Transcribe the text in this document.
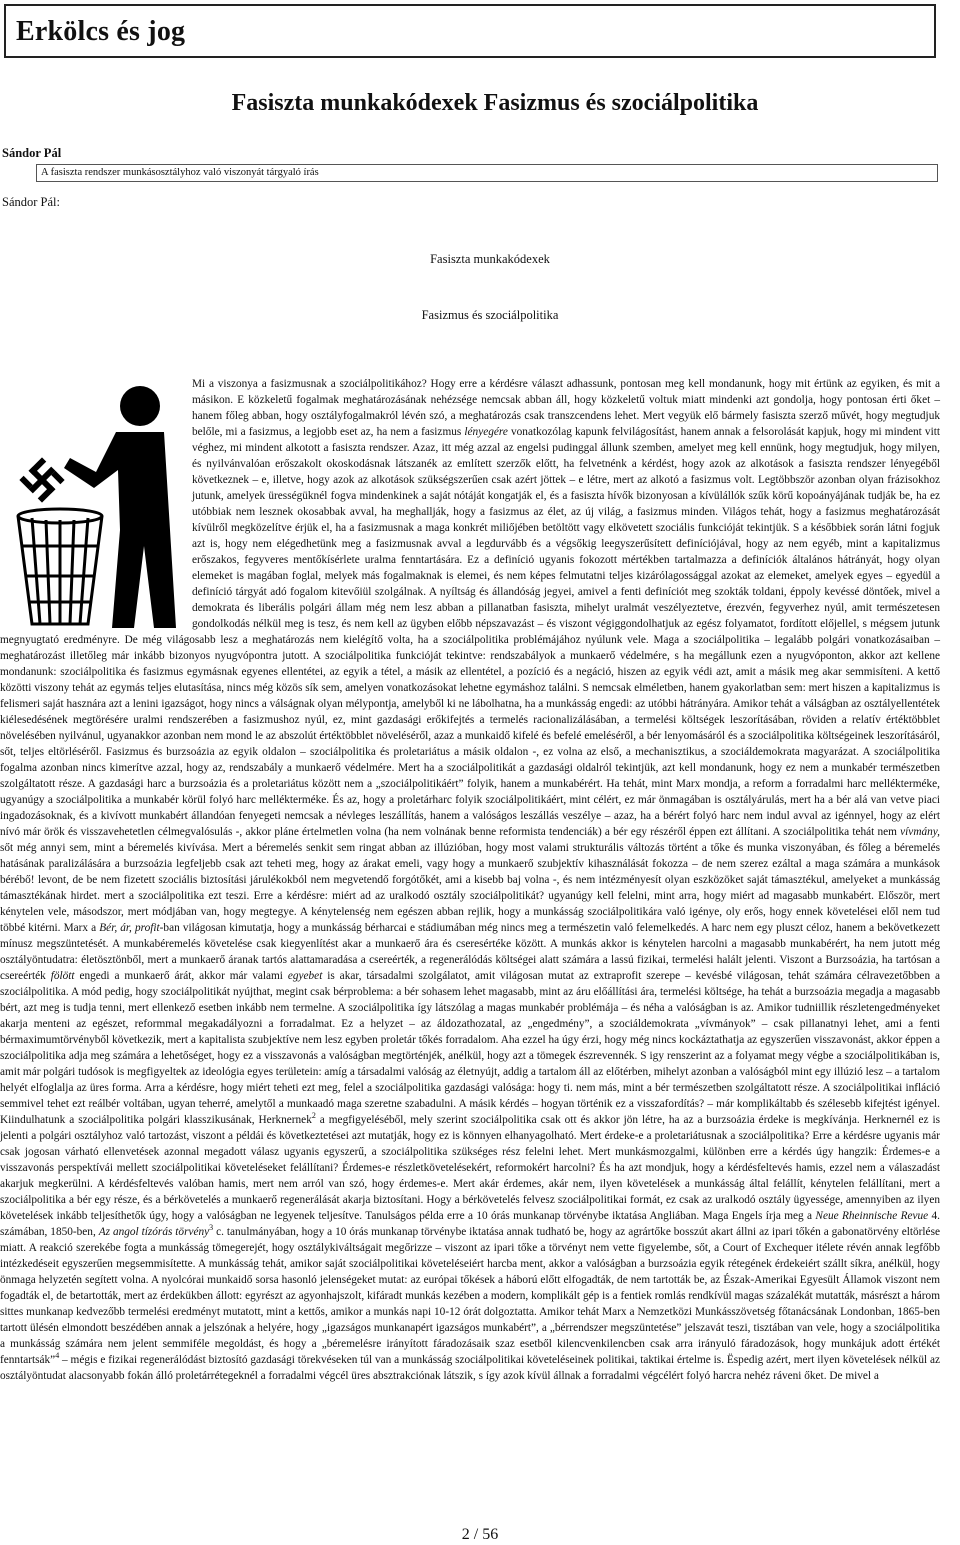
Erkölcs és jog
Fasiszta munkakódexek Fasizmus és szociálpolitika
Sándor Pál
A fasiszta rendszer munkásosztályhoz való viszonyát tárgyaló írás
Sándor Pál:
Fasiszta munkakódexek
Fasizmus és szociálpolitika

Mi a viszonya a fasizmusnak a szociálpolitikához? Hogy erre a kérdésre választ adhassunk, pontosan meg kell mondanunk, hogy mit értünk az egyiken, és mit a másikon. E közkeletű fogalmak meghatározásának nehézsége nemcsak abban áll, hogy közkeletű voltuk miatt mindenki azt gondolja, hogy pontosan érti őket – hanem főleg abban, hogy osztályfogalmakról lévén szó, a meghatározás csak transzcendens lehet. Mert vegyük elő bármely fasiszta szerző művét, hogy megtudjuk belőle, mi a fasizmus, a legjobb eset az, ha nem a fasizmus lényegére vonatkozólag kapunk felvilágosítást, hanem annak a felsorolását kapjuk, hogy mi mindent vitt véghez, mi mindent alkotott a fasiszta rendszer. Azaz, itt még azzal az engelsi pudinggal állunk szemben, amelyet meg kell ennünk, hogy megtudjuk, hogy milyen, és nyilvánvalóan erőszakolt okoskodásnak látszanék az említett szerzők előtt, ha felvetnénk a kérdést, hogy azok az alkotások a fasiszta rendszer lényegéből következnek – e, illetve, hogy azok az alkotások szükségszerűen csak azért jöttek – e létre, mert az alkotó a fasizmus volt. Legtöbbször azonban olyan frázisokhoz jutunk, amelyek ürességüknél fogva mindenkinek a saját nótáját kongatják el, és a fasiszta hívők bizonyosan a kívülállók szűk körű kopoányájának tudják be, ha ez utóbbiak nem lesznek okosabbak avval, ha meghallják, hogy a fasizmus az élet, az új világ, a fasizmus minden. Világos tehát, hogy a fasizmus meghatározását kívülről megközelítve érjük el, ha a fasizmusnak a maga konkrét miliőjében betöltött vagy elkövetett szociális funkcióját tekintjük. S a későbbiek során látni fogjuk azt is, hogy nem elégedhetünk meg a fasizmusnak avval a legdurvább és a végsőkig leegyszerűsített definíciójával, hogy az nem egyéb, mint a kapitalizmus erőszakos, fegyveres mentőkísérlete uralma fenntartására. Ez a definíció ugyanis fokozott mértékben tartalmazza a definíciók általános hátrányát, hogy olyan elemeket is magában foglal, melyek más fogalmaknak is elemei, és nem képes felmutatni teljes kizárólagossággal azokat az elemeket, amelyek egyes – egyedül a definíció tárgyát adó fogalom kitevőiül szolgálnak. A nyíltság és állandóság jegyei, amivel a fenti definíciót meg szokták toldani, éppoly kevéssé döntőek, mivel a demokrata és liberális polgári állam még nem lesz abban a pillanatban fasiszta, mihelyt uralmát veszélyeztetve, érezvén, fegyverhez nyúl, amit természetesen gondolkodás nélkül meg is tesz, és nem kell az ügyben előbb népszavazást – és viszont végiggondolhatjuk az egész folyamatot, fordított előjellel, s mégsem jutunk megnyugtató eredményre. De még világosabb lesz a meghatározás nem kielégítő volta, ha a szociálpolitika problémájához nyúlunk vele. Maga a szociálpolitika – legalább polgári vonatkozásaiban – meghatározást illetőleg már inkább bizonyos nyugvópontra jutott. A szociálpolitika funkcióját tekintve: rendszabályok a munkaerő védelmére, s ha megállunk ezen a nyugvóponton, akkor azt kellene mondanunk: szociálpolitika és fasizmus egymásnak egyenes ellentétei, az egyik a tétel, a másik az ellentétel, a pozíció és a negáció, hiszen az egyik védi azt, amit a másik meg akar semmisíteni. A kettő közötti viszony tehát az egymás teljes elutasítása, nincs még közös sík sem, amelyen vonatkozásokat lehetne egymáshoz találni. S nemcsak elméletben, hanem gyakorlatban sem: mert hiszen a kapitalizmus is felismeri saját hasznára azt a lenini igazságot, hogy nincs a válságnak olyan mélypontja, amelyből ki ne lábolhatna, ha a munkásság engedi: az utóbbi hátrányára. Amikor tehát a válságban az osztályellentétek kiélesedésének megtörésére uralmi rendszerében a fasizmushoz nyúl, ez, mint gazdasági erőkifejtés a termelés racionalizálásában, a termelési költségek leszorításában, röviden a relatív értéktöbblet növelésében nyilvánul, ugyanakkor azonban nem mond le az abszolút értéktöbblet növeléséről, azaz a munkaidő kifelé és befelé emeléséről, a bér lenyomásáról és a szociálpolitika költségeinek leszorításáról, sőt, teljes eltörléséről. Fasizmus és burzsoázia az egyik oldalon – szociálpolitika és proletariátus a másik oldalon -, ez volna az első, a mechanisztikus, a szociáldemokrata magyarázat. A szociálpolitika fogalma azonban nincs kimerítve azzal, hogy az, rendszabály a munkaerő védelmére. Mert ha a szociálpolitikát a gazdasági oldalról tekintjük, azt kell mondanunk, hogy ez nem a munkabér természetben szolgáltatott része. A gazdasági harc a burzsoázia és a proletariátus között nem a „szociálpolitikáért” folyik, hanem a munkabérért. Ha tehát, mint Marx mondja, a reform a forradalmi harc mellékterméke, ugyanúgy a szociálpolitika a munkabér körül folyó harc mellékterméke. És az, hogy a proletárharc folyik szociálpolitikáért, mint célért, ez már önmagában is osztályárulás, mert ha a bér alá van vetve piaci ingadozásoknak, és a kivívott munkabért állandóan fenyegeti nemcsak a névleges leszállítás, hanem a valóságos leszállás veszélye – azaz, ha a bérért folyó harc nem indul avval az igénnyel, hogy az elért nívó már örök és visszavehetetlen célmegvalósulás -, akkor pláne értelmetlen volna (ha nem volnának benne reformista tendenciák) a bér egy részéről éppen ezt állítani. A szociálpolitika tehát nem vívmány, sőt még annyi sem, mint a béremelés kivívása. Mert a béremelés senkit sem ringat abban az illúzióban, hogy most valami strukturális változás történt a tőke és munka viszonyában, és főleg a béremelés hatásának paralizálására a burzsoázia legfeljebb csak azt teheti meg, hogy az árakat emeli, vagy hogy a munkaerő szubjektív kihasználását fokozza – de nem szerez ezáltal a maga számára a munkások bérébő! levont, de be nem fizetett szociális biztosítási járulékokból nem megvetendő forgótőkét, ami a kisebb baj volna -, és nem intézményesít olyan eszközöket saját támasztékul, amelyeket a munkásság támasztékának hirdet. mert a szociálpolitika ezt teszi. Erre a kérdésre: miért ad az uralkodó osztály szociálpolitikát? ugyanúgy kell felelni, mint arra, hogy miért ad magasabb munkabért. Először, mert kénytelen vele, másodszor, mert módjában van, hogy megtegye. A kénytelenség nem egészen abban rejlik, hogy a munkásság szociálpolitikára való igénye, oly erős, hogy ennek követelései elől nem tud többé kitérni. Marx a Bér, ár, profit-ban világosan kimutatja, hogy a munkásság bérharcai e stádiumában még nincs meg a természetin való felemelkedés. A harc nem egy pluszt céloz, hanem a bekövetkezett mínusz megszüntetését. A munkabéremelés követelése csak kiegyenlítést akar a munkaerő ára és cseresértéke között. A munkás akkor is kénytelen harcolni a magasabb munkabérért, ha nem jutott még osztályöntudatra: életösztönből, mert a munkaerő áranak tartós alattamaradása a csereérték, a regenerálódás költségei alatt számára a lassú fizikai, termelési halált jelenti. Viszont a Burzsoázia, ha tartósan a csereérték fölött engedi a munkaerő árát, akkor már valami egyebet is akar, társadalmi szolgálatot, amit világosan mutat az extraprofit szerepe – kevésbé világosan, tehát számára célravezetőbben a szociálpolitika. A mód pedig, hogy szociálpolitikát nyújthat, megint csak bérproblema: a bér sohasem lehet magasabb, mint az áru előállítási ára, termelési költsége, ha tehát a burzsoázia megadja a magasabb bért, azt meg is tudja tenni, mert ellenkező esetben inkább nem termelne. A szociálpolitika így látszólag a magas munkabér problémája – és néha a valóságban is az. Amikor tudniillik részletengedményeket akarja menteni az egészet, reformmal megakadályozni a forradalmat. Ez a helyzet – az áldozathozatal, az „engedmény”, a szociáldemokrata „vívmányok” – csak pillanatnyi lehet, ami a fenti bérmaximumtörvényből következik, mert a kapitalista szubjektíve nem lesz egyben proletár tőkés forradalom. Aha ezzel ha úgy érzi, hogy még nincs kockáztathatja az egyszerűen visszavonást, akkor éppen a szociálpolitika adja meg számára a lehetőséget, hogy ez a visszavonás a valóságban megtörténjék, anélkül, hogy azt a tömegek észrevennék. S igy renszerint az a folyamat megy végbe a szociálpolitikában is, amit már polgári tudósok is megfigyeltek az ideológia egyes területein: amíg a társadalmi valóság az életnyújt, addig a tartalom áll az előtérben, mihelyt azonban a valóságból mint egy illúzió lesz – a tartalom helyét elfoglalja az üres forma. Arra a kérdésre, hogy miért teheti ezt meg, felel a szociálpolitika gazdasági valósága: hogy ti. nem más, mint a bér természetben szolgáltatott része. A szociálpolitikai infláció semmivel tehet ezt reálbér voltában, ugyan teherré, amelytől a munkaadó maga szeretne szabadulni. A másik kérdés – hogyan történik ez a visszafordítás? – már komplikáltabb és szélesebb kifejtést igényel. Kiindulhatunk a szociálpolitika polgári klasszikusának, Herknernek$^2$ a megfigyeléséből, mely szerint szociálpolitika csak ott és akkor jön létre, ha az a burzsoázia érdeke is megkívánja. Herknernél ez is jelenti a polgári osztályhoz való tartozást, viszont a példái és következtetései azt mutatják, hogy ez is könnyen elhanyagolható. Mert érdeke-e a proletariátusnak a szociálpolitika? Erre a kérdésre ugyanis már csak jogosan várható ellenvetések azonnal megadott válasz ugyanis egyszerű, a szociálpolitika szükséges rész felelni lehet. Mert munkásmozgalmi, különben erre a kérdés úgy hangzik: Érdemes-e a visszavonás perspektívái mellett szociálpolitikai követeléseket felállítani? Érdemes-e részletkövetelésekért, reformokért harcolni? És ha azt mondjuk, hogy a kérdésfeltevés hamis, ezzel nem a válaszadást akarjuk megkerülni. A kérdésfeltevés valóban hamis, mert nem arról van szó, hogy érdemes-e. Mert akár érdemes, akár nem, ilyen követelések a munkásság által felállít, kénytelen felállítani, mert a szociálpolitika a bér egy része, és a bérkövetelés a munkaerő regenerálását akarja biztosítani. Hogy a bérkövetelés felvesz szociálpolitikai formát, ez csak az uralkodó osztály ügyessége, amennyiben az ilyen követelések inkább teljesíthetők úgy, hogy a valóságban ne legyenek teljesítve. Tanulságos példa erre a 10 órás munkanap törvénybe iktatása Angliában. Maga Engels írja meg a Neue Rheinnische Revue 4. számában, 1850-ben, Az angol tízórás törvény$^3$ c. tanulmányában, hogy a 10 órás munkanap törvénybe iktatása annak tudható be, hogy az agrártőke bosszút akart állni az ipari tőkén a gabonatörvény eltörlése miatt. A reakció szerekébe fogta a munkásság tömegerejét, hogy osztálykiváltságait megőrizze – viszont az ipari tőke a törvényt nem vette figyelembe, sőt, a Court of Exchequer itélete révén annak legfőbb intézkedéseit egyszerűen megsemmisítette. A munkásság tehát, amikor saját szociálpolitikai követeléseiért harcba ment, akkor a valóságban a burzsoázia egyik rétegének érdekeiért szállt síkra, anélkül, hogy önmaga helyzetén segített volna. A nyolcórai munkaidő sorsa hasonló jelenségeket mutat: az európai tőkések a háború előtt elfogadták, de nem tartották be, az Észak-Amerikai Egyesült Államok viszont nem fogadták el, de betartották, mert az érdekükben állott: egyrészt az agyonhajszolt, kifáradt munkás kezében a modern, komplikált gép is a fentiek romlás rendkívül magas százalékát mutatták, másrészt a három sittes munkanap kedvezőbb termelési eredményt mutatott, mint a kettős, amikor a munkás napi 10-12 órát dolgoztatta. Amikor tehát Marx a Nemzetközi Munkásszövetség főtanácsának Londonban, 1865-ben tartott ülésén elmondott beszédében annak a jelszónak a helyére, hogy „igazságos munkanapért igazságos munkabért”, a „bérrendszer megszüntetése” jelszavát teszi, tisztában van vele, hogy a szociálpolitika a munkásság számára nem jelent semmiféle megoldást, és hogy a „béremelésre irányított fáradozásaik szaz esetből kilencvenkilencben csak arra irányuló fáradozások, hogy munkájuk adott értékét fenntartsák”$^4$ – mégis e fizikai regenerálódást biztosító gazdasági törekvéseken túl van a munkásság szociálpolitikai követeléseinek politikai, taktikai értelme is. Ëspedig azért, mert ilyen követelések nélkül az osztályöntudat alacsonyabb fokán álló proletárrétegeknél a forradalmi végcél üres absztrakciónak látszik, s így azok kívül állnak a forradalmi végcélért folyó harcra nehéz ráveni őket. De mivel a

2 / 56
